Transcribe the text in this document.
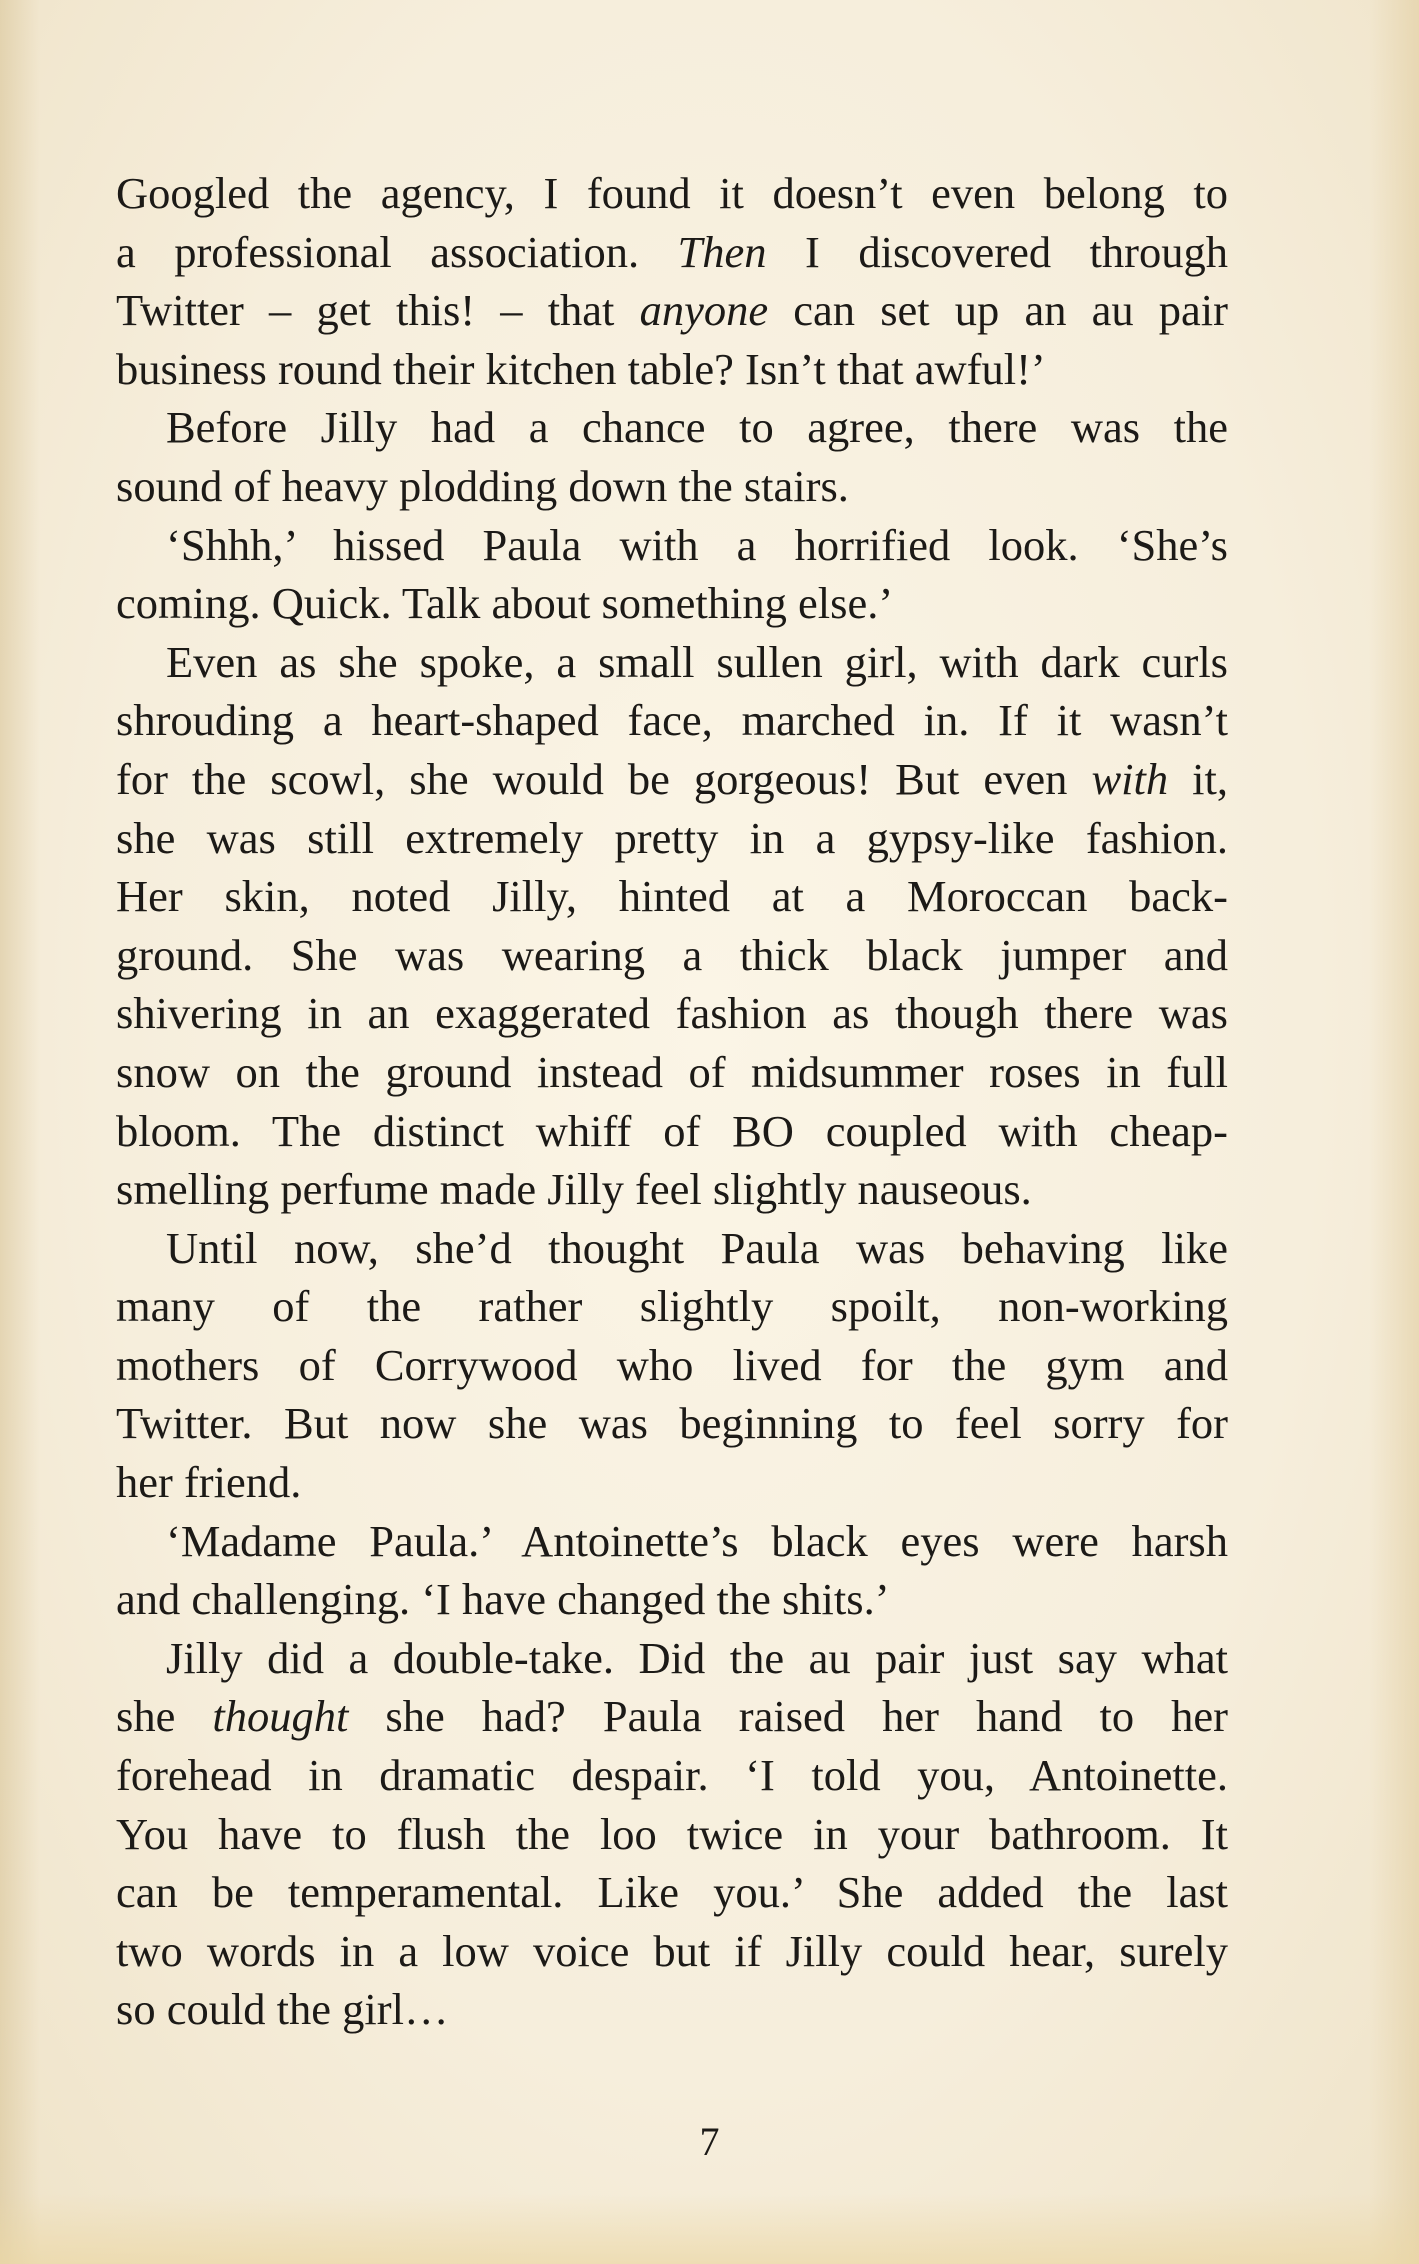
Googled the agency, I found it doesn’t even belong to
a professional association. Then I discovered through
Twitter – get this! – that anyone can set up an au pair
business round their kitchen table? Isn’t that awful!’
Before Jilly had a chance to agree, there was the
sound of heavy plodding down the stairs.
‘Shhh,’ hissed Paula with a horrified look. ‘She’s
coming. Quick. Talk about something else.’
Even as she spoke, a small sullen girl, with dark curls
shrouding a heart-shaped face, marched in. If it wasn’t
for the scowl, she would be gorgeous! But even with it,
she was still extremely pretty in a gypsy-like fashion.
Her skin, noted Jilly, hinted at a Moroccan back-
ground. She was wearing a thick black jumper and
shivering in an exaggerated fashion as though there was
snow on the ground instead of midsummer roses in full
bloom. The distinct whiff of BO coupled with cheap-
smelling perfume made Jilly feel slightly nauseous.
Until now, she’d thought Paula was behaving like
many of the rather slightly spoilt, non-working
mothers of Corrywood who lived for the gym and
Twitter. But now she was beginning to feel sorry for
her friend.
‘Madame Paula.’ Antoinette’s black eyes were harsh
and challenging. ‘I have changed the shits.’
Jilly did a double-take. Did the au pair just say what
she thought she had? Paula raised her hand to her
forehead in dramatic despair. ‘I told you, Antoinette.
You have to flush the loo twice in your bathroom. It
can be temperamental. Like you.’ She added the last
two words in a low voice but if Jilly could hear, surely
so could the girl…
7
